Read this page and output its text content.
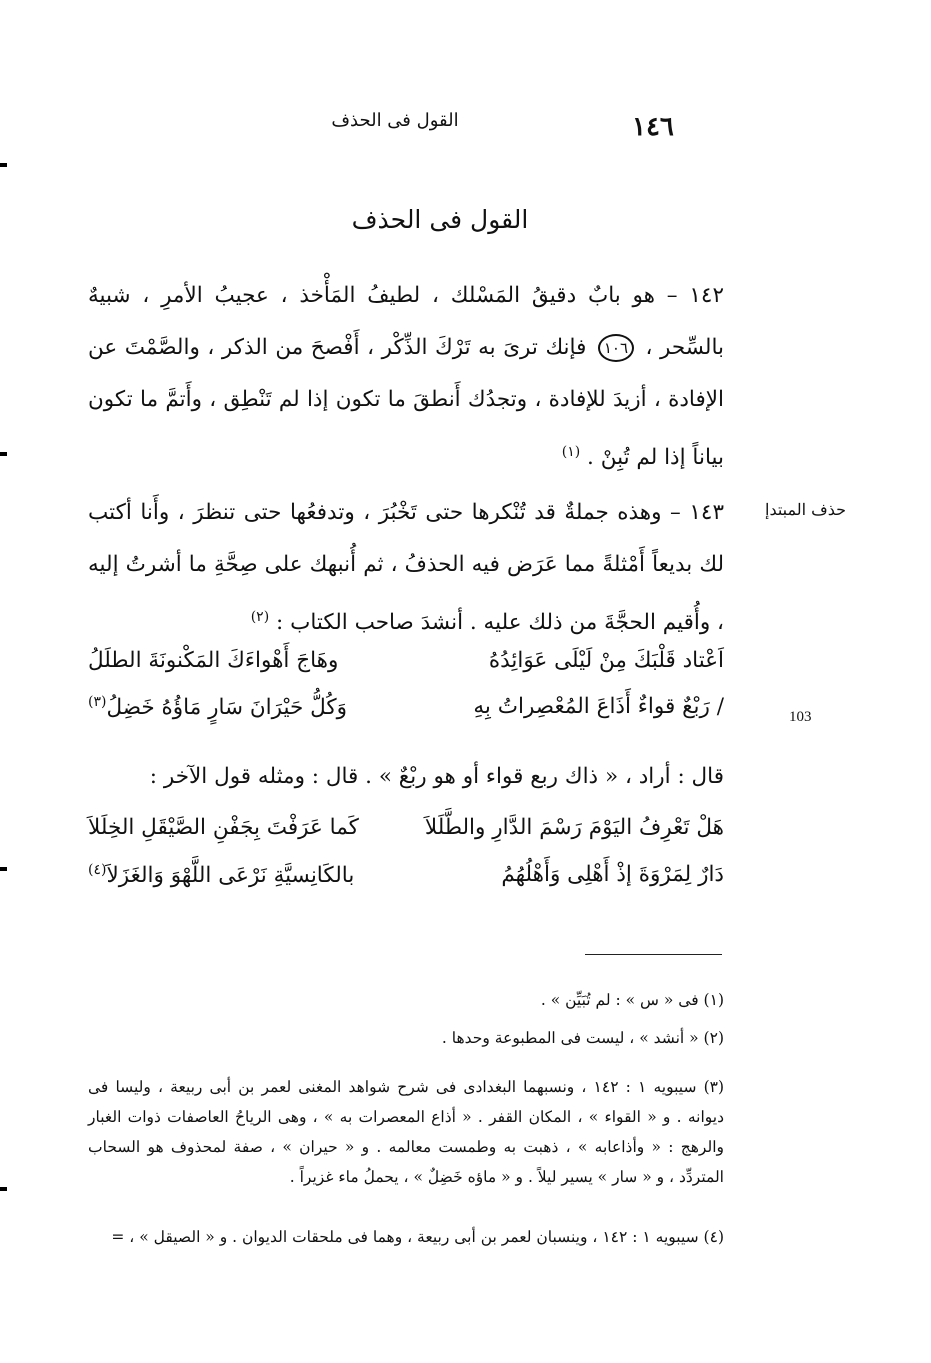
١٤٦
القول فى الحذف
القول فى الحذف
حذف المبتدإ
103
١٤٢ – هو بابٌ دقيقُ المَسْلك ، لطيفُ المَأْخذ ، عجيبُ الأمرِ ، شبيهٌ بالسِّحر ، ١٠٦ فإنك ترىَ به تَرْكَ الذِّكْر ، أَفْصحَ من الذكر ، والصَّمْتَ عن الإفادة ، أزيدَ للإفادة ، وتجدُك أَنطقَ ما تكون إذا لم تَنْطِق ، وأَتمَّ ما تكون بياناً إذا لم تُبِنْ . $^{(١)}$
١٤٣ – وهذه جملةٌ قد تُنْكرها حتى تَخْبُرَ ، وتدفعُها حتى تنظرَ ، وأَنا أكتب لك بديعاً أَمْثلةً مما عَرَض فيه الحذفُ ، ثم أُنبهك على صِحَّةِ ما أشرتُ إليه ، وأُقيم الحجَّةَ من ذلك عليه . أنشدَ صاحب الكتاب : $^{(٢)}$
اَعْتاد قَلْبَكَ مِنْ لَيْلَى عَوَائِدُهُ
وهَاجَ أَهْواءَكَ المَكْنونَةَ الطلَلُ
/ رَبْعٌ قواءٌ أَذَاعَ المُعْصِراتُ بِهِ
وَكُلُّ حَيْرَانَ سَارٍ مَاؤُهُ خَضِلُ$^{(٣)}$
قال : أراد ، « ذاك ربع قواء أو هو ربْعٌ » . قال : ومثله قول الآخر :
هَلْ تَعْرِفُ اليَوْمَ رَسْمَ الدَّارِ والطَّلَلاَ
كَما عَرَفْتَ بِجَفْنِ الصَّيْقَلِ الخِلَلاَ
دَارٌ لِمَرْوَةَ إذْ أَهْلِى وَأَهْلُهُمُ
بالكَانِسيَّةِ نَرْعَى اللَّهْوَ وَالغَزَلاَ$^{(٤)}$
(١) فى « س » : لم تُبَيِّن » .
(٢) « أنشد » ، ليست فى المطبوعة وحدها .
(٣) سيبويه ١ : ١٤٢ ، ونسبهما البغدادى فى شرح شواهد المغنى لعمر بن أبى ربيعة ، وليسا فى ديوانه . و « القواء » ، المكان القفر . « أذاع المعصرات به » ، وهى الرياحُ العاصفات ذوات الغبار والرهج : « وأذاعابه » ، ذهبت به وطمست معالمه . و « حيران » ، صفة لمحذوف هو السحاب المتردِّد ، و « سار » يسير ليلاً . و « ماؤه خَضِلٌ » ، يحملُ ماء غزيراً .
(٤) سيبويه ١ : ١٤٢ ، وينسبان لعمر بن أبى ربيعة ، وهما فى ملحقات الديوان . و « الصيقل » ، =
